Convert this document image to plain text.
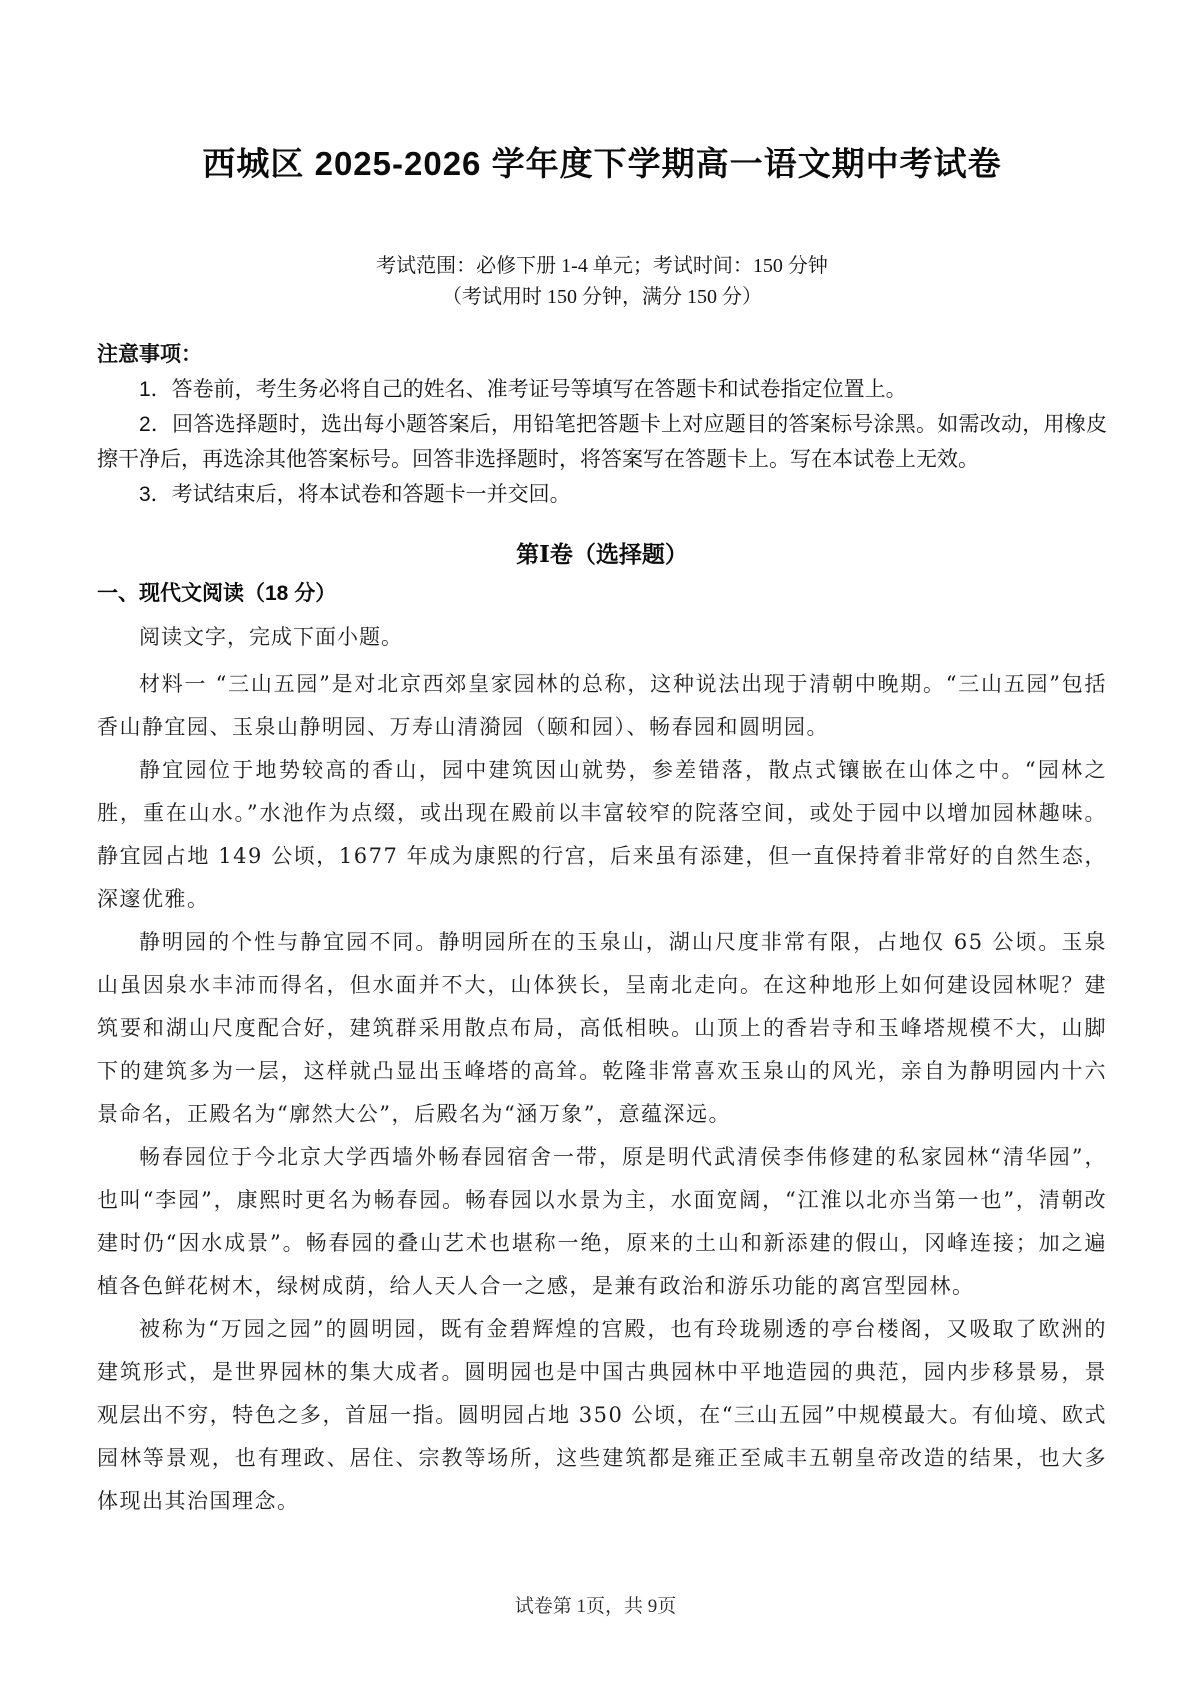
西城区 2025-2026 学年度下学期高一语文期中考试卷
考试范围：必修下册 1-4 单元；考试时间：150 分钟
（考试用时 150 分钟，满分 150 分）

注意事项：

1．答卷前，考生务必将自己的姓名、准考证号等填写在答题卡和试卷指定位置上。

2．回答选择题时，选出每小题答案后，用铅笔把答题卡上对应题目的答案标号涂黑。如需改动，用橡皮擦干净后，再选涂其他答案标号。回答非选择题时，将答案写在答题卡上。写在本试卷上无效。

3．考试结束后，将本试卷和答题卡一并交回。

第Ⅰ卷（选择题）
一、现代文阅读（18 分）
阅读文字，完成下面小题。

材料一 “三山五园”是对北京西郊皇家园林的总称，这种说法出现于清朝中晚期。“三山五园”包括香山静宜园、玉泉山静明园、万寿山清漪园（颐和园）、畅春园和圆明园。

静宜园位于地势较高的香山，园中建筑因山就势，参差错落，散点式镶嵌在山体之中。“园林之胜，重在山水。”水池作为点缀，或出现在殿前以丰富较窄的院落空间，或处于园中以增加园林趣味。静宜园占地 149 公顷，1677 年成为康熙的行宫，后来虽有添建，但一直保持着非常好的自然生态，深邃优雅。

静明园的个性与静宜园不同。静明园所在的玉泉山，湖山尺度非常有限，占地仅 65 公顷。玉泉山虽因泉水丰沛而得名，但水面并不大，山体狭长，呈南北走向。在这种地形上如何建设园林呢？建筑要和湖山尺度配合好，建筑群采用散点布局，高低相映。山顶上的香岩寺和玉峰塔规模不大，山脚下的建筑多为一层，这样就凸显出玉峰塔的高耸。乾隆非常喜欢玉泉山的风光，亲自为静明园内十六景命名，正殿名为“廓然大公”，后殿名为“涵万象”，意蕴深远。

畅春园位于今北京大学西墙外畅春园宿舍一带，原是明代武清侯李伟修建的私家园林“清华园”，也叫“李园”，康熙时更名为畅春园。畅春园以水景为主，水面宽阔，“江淮以北亦当第一也”，清朝改建时仍“因水成景”。畅春园的叠山艺术也堪称一绝，原来的土山和新添建的假山，冈峰连接；加之遍植各色鲜花树木，绿树成荫，给人天人合一之感，是兼有政治和游乐功能的离宫型园林。

被称为“万园之园”的圆明园，既有金碧辉煌的宫殿，也有玲珑剔透的亭台楼阁，又吸取了欧洲的建筑形式，是世界园林的集大成者。圆明园也是中国古典园林中平地造园的典范，园内步移景易，景观层出不穷，特色之多，首屈一指。圆明园占地 350 公顷，在“三山五园”中规模最大。有仙境、欧式园林等景观，也有理政、居住、宗教等场所，这些建筑都是雍正至咸丰五朝皇帝改造的结果，也大多体现出其治国理念。

试卷第 1页，共 9页
